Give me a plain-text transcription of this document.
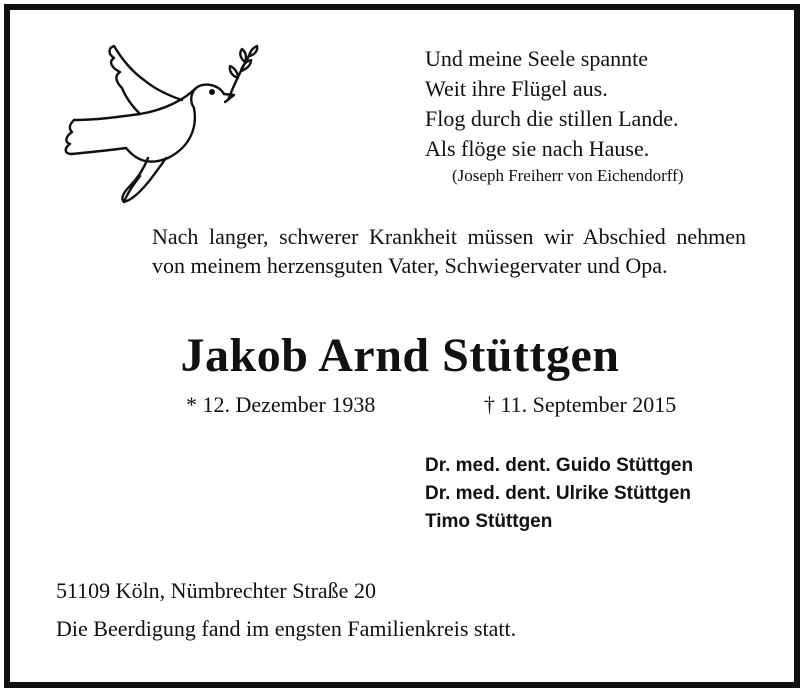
Und meine Seele spannte
Weit ihre Flügel aus.
Flog durch die stillen Lande.
Als flöge sie nach Hause.
(Joseph Freiherr von Eichendorff)
Nach langer, schwerer Krankheit müssen wir Abschied nehmen von meinem herzensguten Vater, Schwiegervater und Opa.
Jakob Arnd Stüttgen
* 12. Dezember 1938	† 11. September 2015
Dr. med. dent. Guido Stüttgen
Dr. med. dent. Ulrike Stüttgen
Timo Stüttgen
51109 Köln, Nümbrechter Straße 20
Die Beerdigung fand im engsten Familienkreis statt.
